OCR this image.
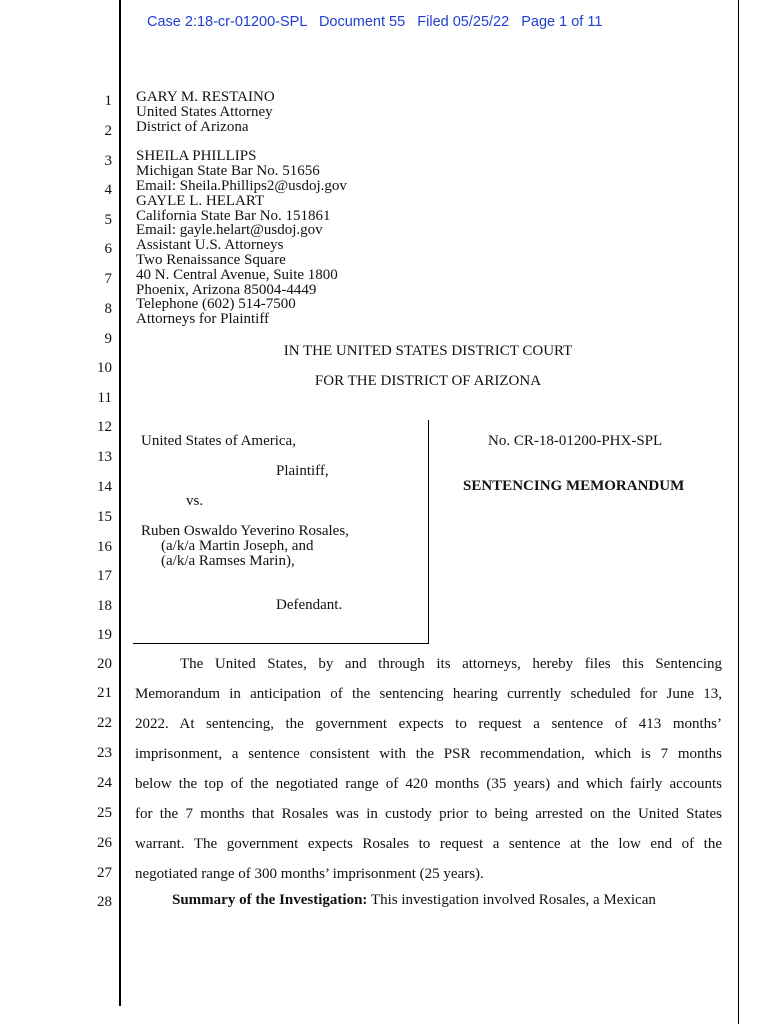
Case 2:18-cr-01200-SPL   Document 55   Filed 05/25/22   Page 1 of 11
1
2
3
4
5
6
7
8
9
10
11
12
13
14
15
16
17
18
19
20
21
22
23
24
25
26
27
28
GARY M. RESTAINO
United States Attorney
District of Arizona
SHEILA PHILLIPS
Michigan State Bar No. 51656
Email: Sheila.Phillips2@usdoj.gov
GAYLE L. HELART
California State Bar No. 151861
Email: gayle.helart@usdoj.gov
Assistant U.S. Attorneys
Two Renaissance Square
40 N. Central Avenue, Suite 1800
Phoenix, Arizona 85004-4449
Telephone (602) 514-7500
Attorneys for Plaintiff
IN THE UNITED STATES DISTRICT COURT
FOR THE DISTRICT OF ARIZONA
United States of America,
Plaintiff,
vs.
Ruben Oswaldo Yeverino Rosales,
(a/k/a Martin Joseph, and
(a/k/a Ramses Marin),
Defendant.
No. CR-18-01200-PHX-SPL
SENTENCING MEMORANDUM
The United States, by and through its attorneys, hereby files this Sentencing
Memorandum in anticipation of the sentencing hearing currently scheduled for June 13,
2022. At sentencing, the government expects to request a sentence of 413 months’
imprisonment, a sentence consistent with the PSR recommendation, which is 7 months
below the top of the negotiated range of 420 months (35 years) and which fairly accounts
for the 7 months that Rosales was in custody prior to being arrested on the United States
warrant. The government expects Rosales to request a sentence at the low end of the
negotiated range of 300 months’ imprisonment (25 years).
Summary of the Investigation: This investigation involved Rosales, a Mexican
